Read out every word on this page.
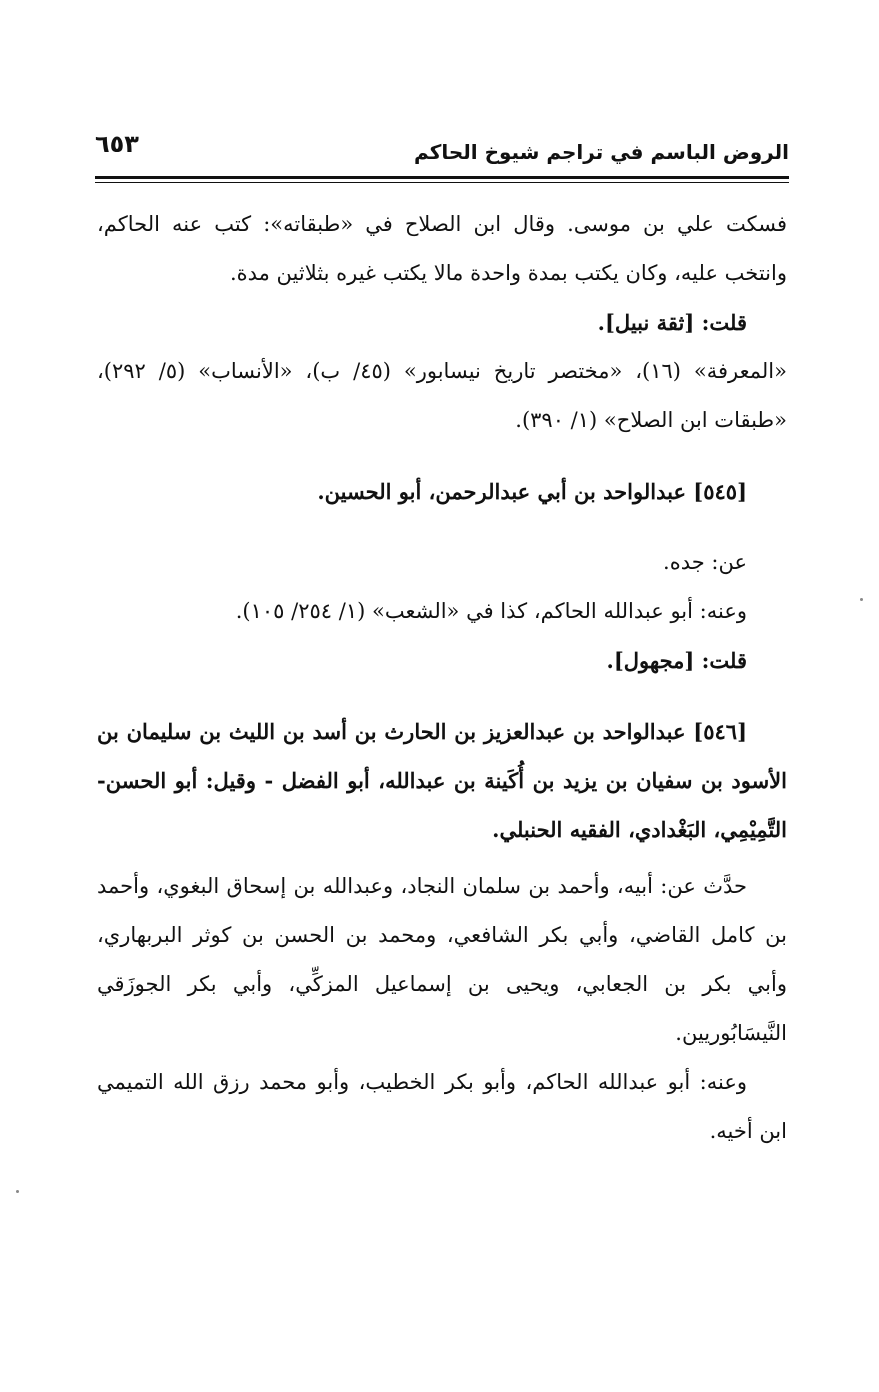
الروض الباسم في تراجم شيوخ الحاكم
٦٥٣

فسكت علي بن موسى. وقال ابن الصلاح في «طبقاته»: كتب عنه الحاكم، وانتخب عليه، وكان يكتب بمدة واحدة مالا يكتب غيره بثلاثين مدة.

قلت: [ثقة نبيل].

«المعرفة» (١٦)، «مختصر تاريخ نيسابور» (٤٥/ ب)، «الأنساب» (٥/ ٢٩٢)، «طبقات ابن الصلاح» (١/ ٣٩٠).

[٥٤٥] عبدالواحد بن أبي عبدالرحمن، أبو الحسين.

عن: جده.

وعنه: أبو عبدالله الحاكم، كذا في «الشعب» (١/ ٢٥٤/ ١٠٥).

قلت: [مجهول].

[٥٤٦] عبدالواحد بن عبدالعزيز بن الحارث بن أسد بن الليث بن سليمان بن الأسود بن سفيان بن يزيد بن أُكَينة بن عبدالله، أبو الفضل - وقيل: أبو الحسن- التَّمِيْمِي، البَغْدادي، الفقيه الحنبلي.

حدَّث عن: أبيه، وأحمد بن سلمان النجاد، وعبدالله بن إسحاق البغوي، وأحمد بن كامل القاضي، وأبي بكر الشافعي، ومحمد بن الحسن بن كوثر البربهاري، وأبي بكر بن الجعابي، ويحيى بن إسماعيل المزكِّي، وأبي بكر الجوزَقي النَّيسَابُوريين.

وعنه: أبو عبدالله الحاكم، وأبو بكر الخطيب، وأبو محمد رزق الله التميمي ابن أخيه.
